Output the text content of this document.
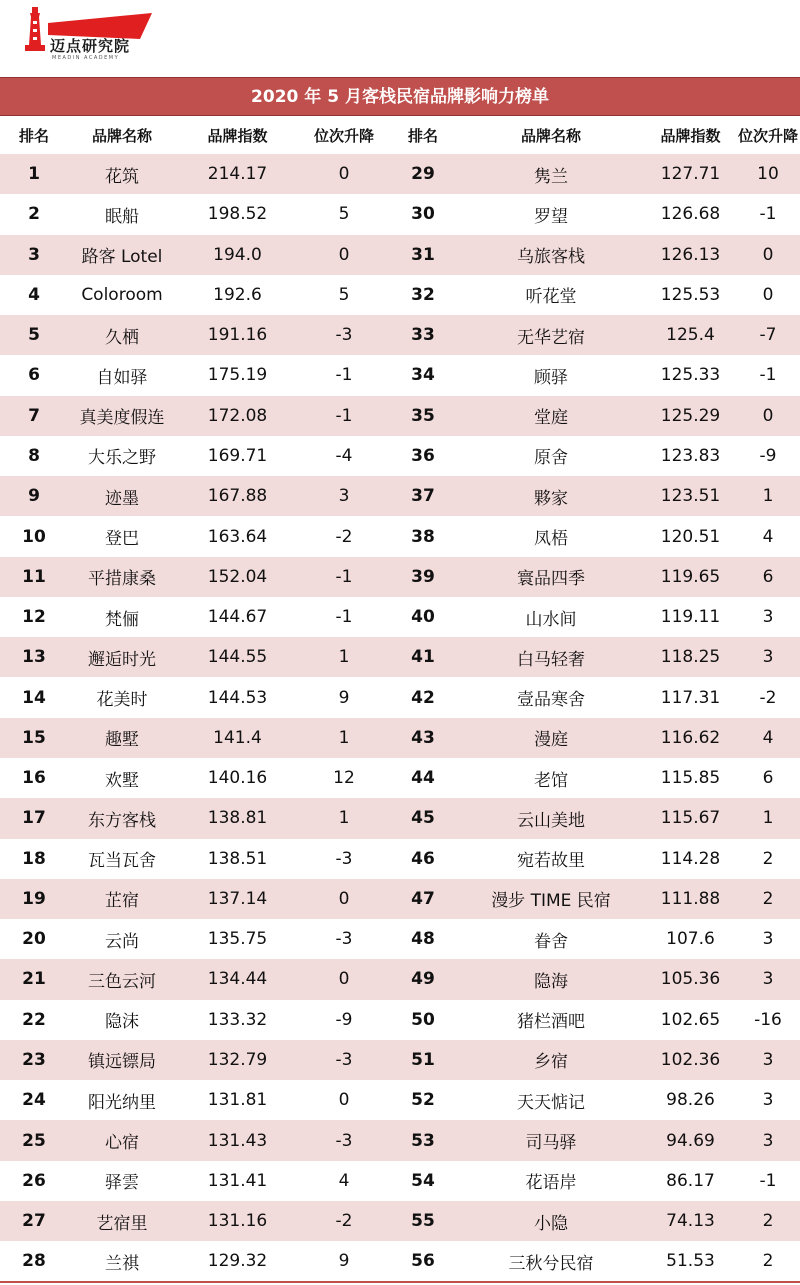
迈点研究院
MEADIN ACADEMY
2020 年 5 月客栈民宿品牌影响力榜单
排名	品牌名称	品牌指数	位次升降	排名	品牌名称	品牌指数	位次升降
1	花筑	214.17	0	29	隽兰	127.71	10
2	眠船	198.52	5	30	罗望	126.68	-1
3	路客 Lotel	194.0	0	31	乌旅客栈	126.13	0
4	Coloroom	192.6	5	32	听花堂	125.53	0
5	久栖	191.16	-3	33	无华艺宿	125.4	-7
6	自如驿	175.19	-1	34	顾驿	125.33	-1
7	真美度假连	172.08	-1	35	堂庭	125.29	0
8	大乐之野	169.71	-4	36	原舍	123.83	-9
9	迹墨	167.88	3	37	夥家	123.51	1
10	登巴	163.64	-2	38	凤梧	120.51	4
11	平措康桑	152.04	-1	39	寰品四季	119.65	6
12	梵俪	144.67	-1	40	山水间	119.11	3
13	邂逅时光	144.55	1	41	白马轻奢	118.25	3
14	花美时	144.53	9	42	壹品寒舍	117.31	-2
15	趣墅	141.4	1	43	漫庭	116.62	4
16	欢墅	140.16	12	44	老馆	115.85	6
17	东方客栈	138.81	1	45	云山美地	115.67	1
18	瓦当瓦舍	138.51	-3	46	宛若故里	114.28	2
19	芷宿	137.14	0	47	漫步 TIME 民宿	111.88	2
20	云尚	135.75	-3	48	眷舍	107.6	3
21	三色云河	134.44	0	49	隐海	105.36	3
22	隐沫	133.32	-9	50	猪栏酒吧	102.65	-16
23	镇远镖局	132.79	-3	51	乡宿	102.36	3
24	阳光纳里	131.81	0	52	天天惦记	98.26	3
25	心宿	131.43	-3	53	司马驿	94.69	3
26	驿雲	131.41	4	54	花语岸	86.17	-1
27	艺宿里	131.16	-2	55	小隐	74.13	2
28	兰祺	129.32	9	56	三秋兮民宿	51.53	2
